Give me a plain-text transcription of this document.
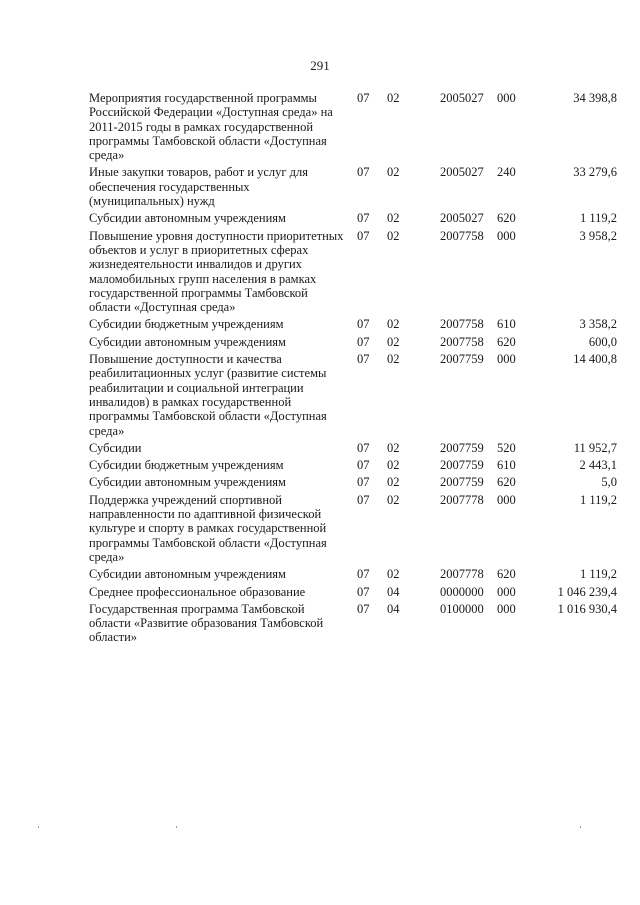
291
Мероприятия государственной программы Российской Федерации «Доступная среда» на 2011-2015 годы в рамках государственной программы Тамбовской области «Доступная среда»	07	02	2005027	000	34 398,8

Иные закупки товаров, работ и услуг для обеспечения государственных (муниципальных) нужд	07	02	2005027	240	33 279,6

Субсидии автономным учреждениям	07	02	2005027	620	1 119,2

Повышение уровня доступности приоритетных объектов и услуг в приоритетных сферах жизнедеятельности инвалидов и других маломобильных групп населения в рамках государственной программы Тамбовской области «Доступная среда»	07	02	2007758	000	3 958,2

Субсидии бюджетным учреждениям	07	02	2007758	610	3 358,2

Субсидии автономным учреждениям	07	02	2007758	620	600,0

Повышение доступности и качества реабилитационных услуг (развитие системы реабилитации и социальной интеграции инвалидов) в рамках государственной программы Тамбовской области «Доступная среда»	07	02	2007759	000	14 400,8

Субсидии	07	02	2007759	520	11 952,7

Субсидии бюджетным учреждениям	07	02	2007759	610	2 443,1

Субсидии автономным учреждениям	07	02	2007759	620	5,0

Поддержка учреждений спортивной направленности по адаптивной физической культуре и спорту в рамках государственной программы Тамбовской области «Доступная среда»	07	02	2007778	000	1 119,2

Субсидии автономным учреждениям	07	02	2007778	620	1 119,2

Среднее профессиональное образование	07	04	0000000	000	1 046 239,4

Государственная программа Тамбовской области «Развитие образования Тамбовской области»	07	04	0100000	000	1 016 930,4
